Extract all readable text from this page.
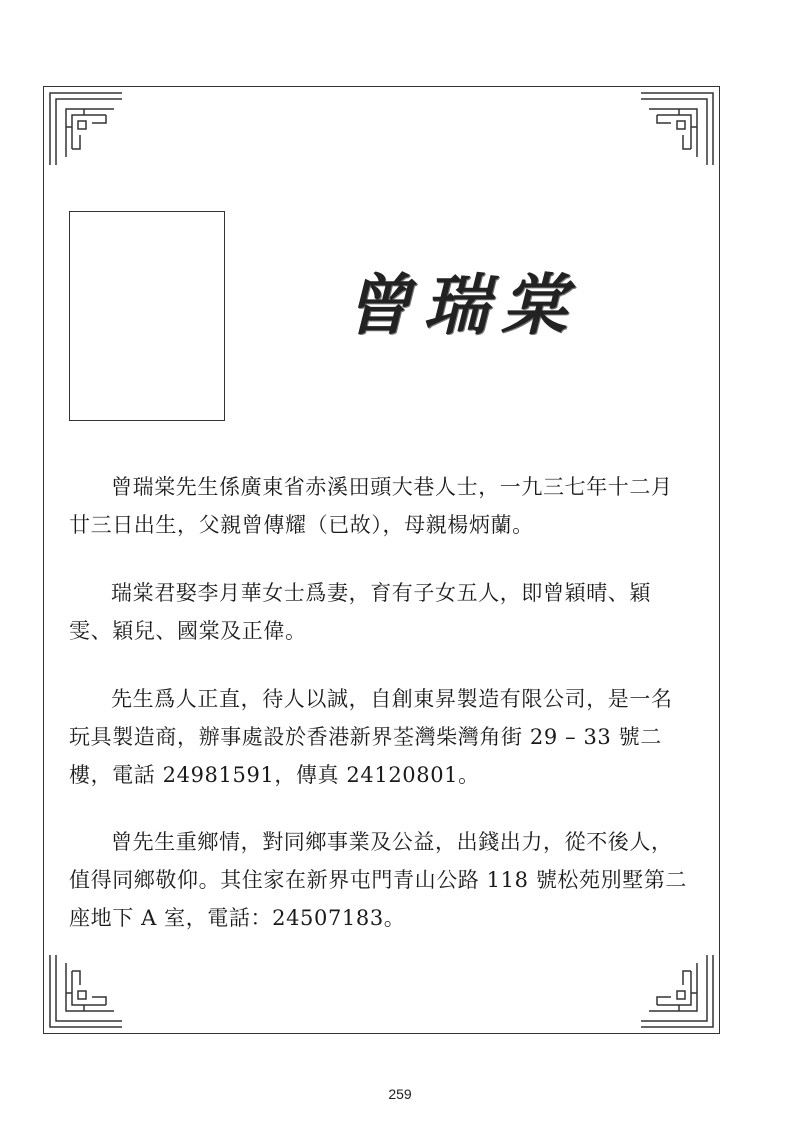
曾瑞棠

曾瑞棠先生係廣東省赤溪田頭大巷人士，一九三七年十二月廿三日出生，父親曾傳耀（已故），母親楊炳蘭。

瑞棠君娶李月華女士爲妻，育有子女五人，即曾穎晴、穎雯、穎兒、國棠及正偉。

先生爲人正直，待人以誠，自創東昇製造有限公司，是一名玩具製造商，辦事處設於香港新界荃灣柴灣角街 29 – 33 號二樓，電話 24981591，傳真 24120801。

曾先生重鄉情，對同鄉事業及公益，出錢出力，從不後人，值得同鄉敬仰。其住家在新界屯門青山公路 118 號松苑別墅第二座地下 A 室，電話：24507183。

259
